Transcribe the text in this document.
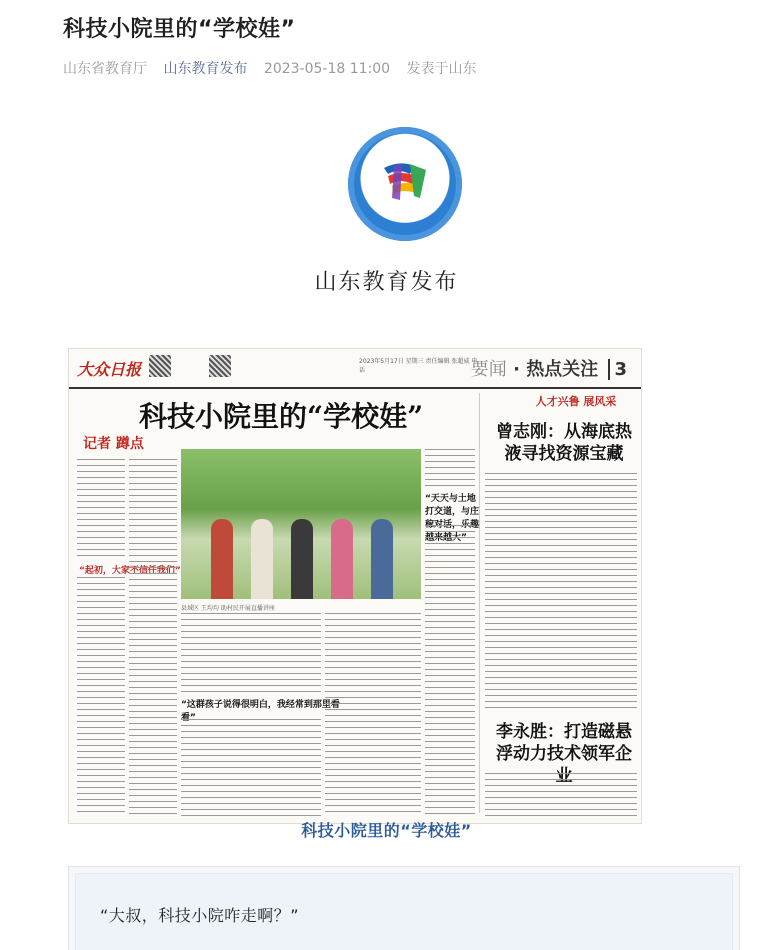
科技小院里的“学校娃”
山东省教育厅 山东教育发布 2023-05-18 11:00 发表于山东
山东教育发布
大众日报	2023年5月17日 星期三 责任编辑 张超威 电话	要闻 · 热点关注 3
科技小院里的“学校娃”
记者 蹲点
县域区 王均均 助村民开展直播讲座
“起初，大家不信任我们”
“这群孩子说得很明白，我经常到那里看看”
“天天与土地打交道，与庄稼对话，乐趣越来越大”
人才兴鲁 展风采
曾志刚：从海底热液寻找资源宝藏
李永胜：打造磁悬浮动力技术领军企业
科技小院里的“学校娃”
“大叔，科技小院咋走啊？”
